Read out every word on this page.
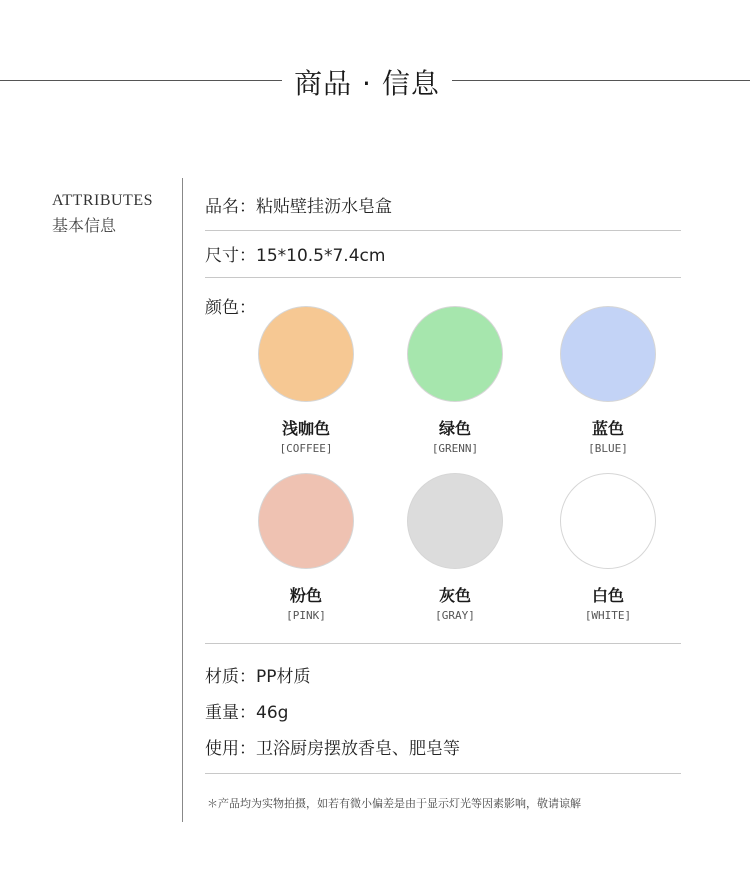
商品 · 信息
ATTRIBUTES
基本信息
品名：粘贴壁挂沥水皂盒
尺寸：15*10.5*7.4cm
颜色：
浅咖色
[COFFEE]
绿色
[GRENN]
蓝色
[BLUE]
粉色
[PINK]
灰色
[GRAY]
白色
[WHITE]
材质：PP材质
重量：46g
使用：卫浴厨房摆放香皂、肥皂等
＊产品均为实物拍摄，如若有微小偏差是由于显示灯光等因素影响，敬请谅解
